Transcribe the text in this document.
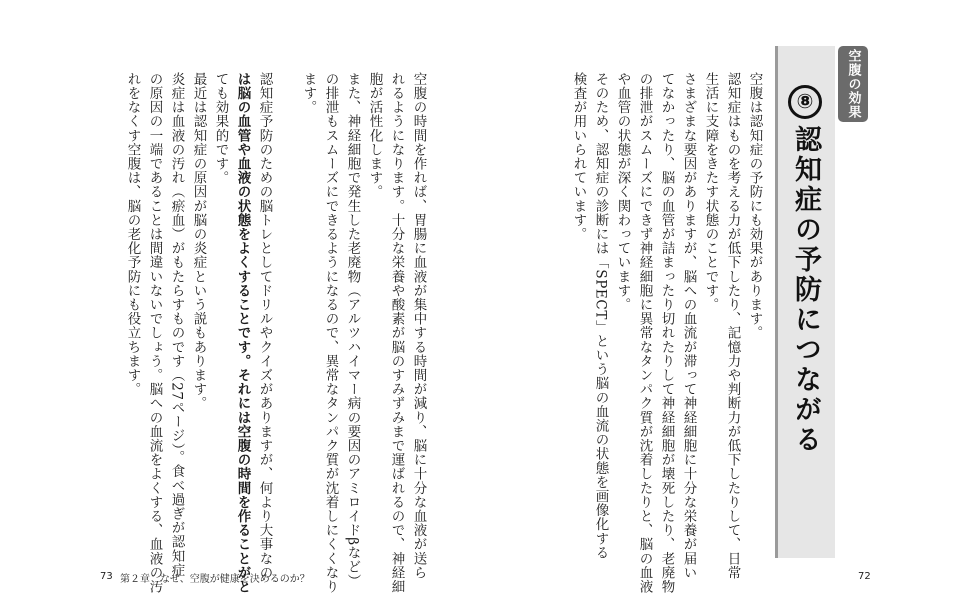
空腹の効果
⑧認知症の予防につながる
空腹は認知症の予防にも効果があります。
認知症はものを考える力が低下したり、記憶力や判断力が低下したりして、日常
生活に支障をきたす状態のことです。
さまざまな要因がありますが、脳への血流が滞って神経細胞に十分な栄養が届い
てなかったり、脳の血管が詰まったり切れたりして神経細胞が壊死したり、老廃物
の排泄がスムーズにできず神経細胞に異常なタンパク質が沈着したりと、脳の血液
や血管の状態が深く関わっています。
そのため、認知症の診断には「SPECT」という脳の血流の状態を画像化する
検査が用いられています。
空腹の時間を作れば、胃腸に血液が集中する時間が減り、脳に十分な血液が送ら
れるようになります。十分な栄養や酸素が脳のすみずみまで運ばれるので、神経細
胞が活性化します。
また、神経細胞で発生した老廃物（アルツハイマー病の要因のアミロイドβなど）
の排泄もスムーズにできるようになるので、異常なタンパク質が沈着しにくくなり
ます。
認知症予防のための脳トレとしてドリルやクイズがありますが、何より大事なの
は脳の血管や血液の状態をよくすることです。それには空腹の時間を作ることがと
ても効果的です。
最近は認知症の原因が脳の炎症という説もあります。
炎症は血液の汚れ（瘀血）がもたらすものです（27ページ）。食べ過ぎが認知症
の原因の一端であることは間違いないでしょう。脳への血流をよくする、血液の汚
れをなくす空腹は、脳の老化予防にも役立ちます。
73 第２章　なぜ、空腹が健康を決めるのか？	72
